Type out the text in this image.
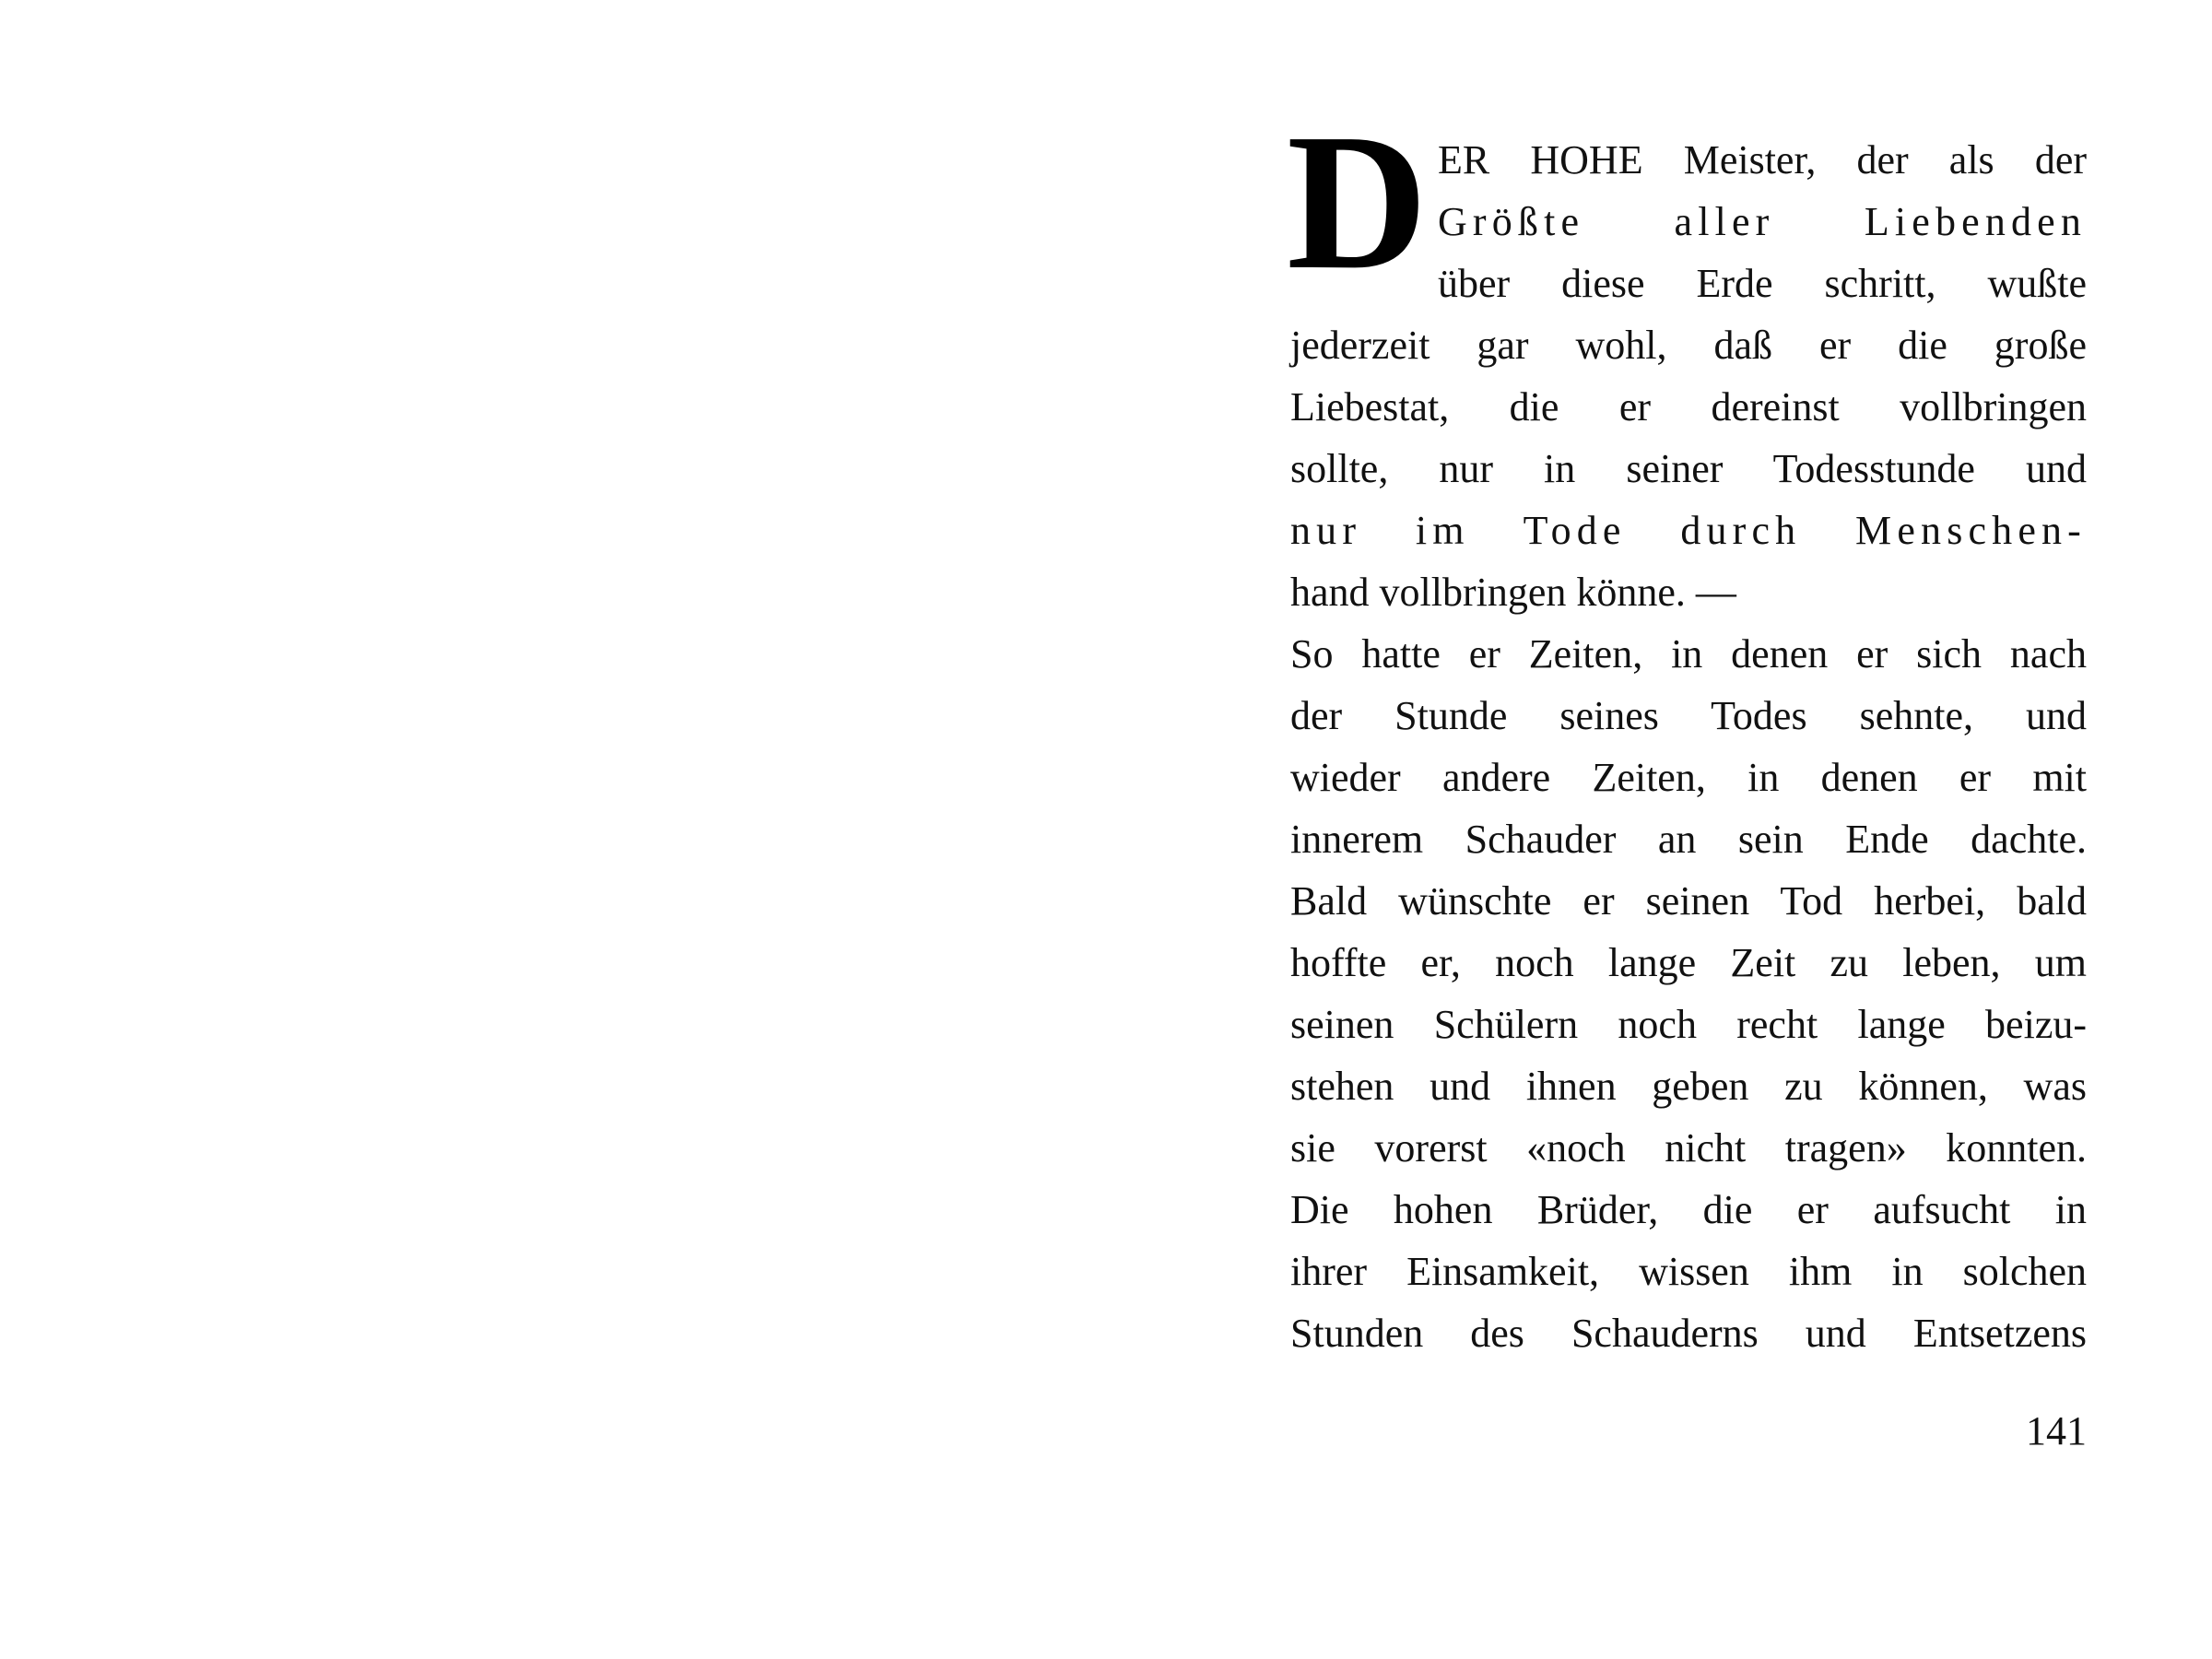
D ER HOHE Meister, der als der
Größte aller Liebenden
über diese Erde schritt, wußte
jederzeit gar wohl, daß er die große
Liebestat, die er dereinst vollbringen
sollte, nur in seiner Todesstunde und
nur im Tode durch Menschen-
hand vollbringen könne. —
So hatte er Zeiten, in denen er sich nach
der Stunde seines Todes sehnte, und
wieder andere Zeiten, in denen er mit
innerem Schauder an sein Ende dachte.
Bald wünschte er seinen Tod herbei, bald
hoffte er, noch lange Zeit zu leben, um
seinen Schülern noch recht lange beizu-
stehen und ihnen geben zu können, was
sie vorerst «noch nicht tragen» konnten.
Die hohen Brüder, die er aufsucht in
ihrer Einsamkeit, wissen ihm in solchen
Stunden des Schauderns und Entsetzens
141
